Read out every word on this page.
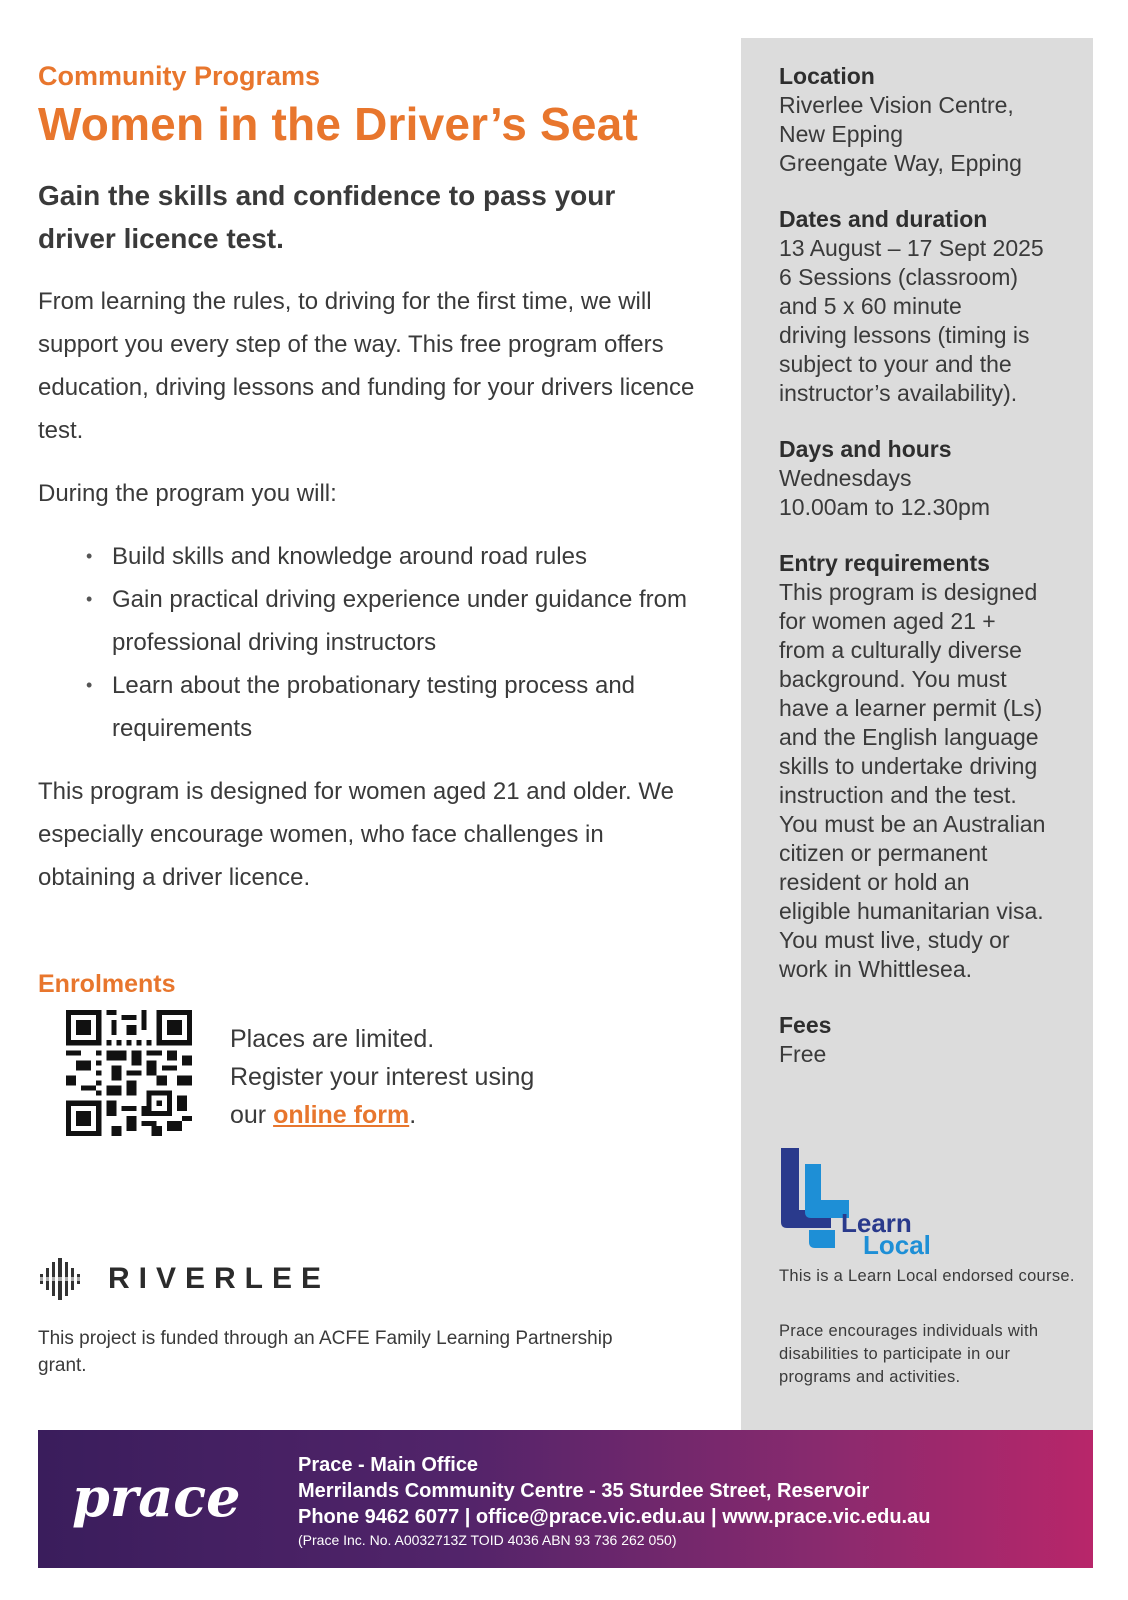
Community Programs
Women in the Driver’s Seat
Gain the skills and confidence to pass your driver licence test.
From learning the rules, to driving for the first time, we will support you every step of the way. This free program offers education, driving lessons and funding for your drivers licence test.
During the program you will:
• Build skills and knowledge around road rules
• Gain practical driving experience under guidance from professional driving instructors
• Learn about the probationary testing process and requirements
This program is designed for women aged 21 and older. We especially encourage women, who face challenges in obtaining a driver licence.
Enrolments
Places are limited.
Register your interest using
our online form.
RIVERLEE
This project is funded through an ACFE Family Learning Partnership grant.
Location
Riverlee Vision Centre,
New Epping
Greengate Way, Epping
Dates and duration
13 August – 17 Sept 2025
6 Sessions (classroom)
and 5 x 60 minute
driving lessons (timing is
subject to your and the
instructor’s availability).
Days and hours
Wednesdays
10.00am to 12.30pm
Entry requirements
This program is designed
for women aged 21 +
from a culturally diverse
background. You must
have a learner permit (Ls)
and the English language
skills to undertake driving
instruction and the test.
You must be an Australian
citizen or permanent
resident or hold an
eligible humanitarian visa.
You must live, study or
work in Whittlesea.
Fees
Free
Learn
Local
This is a Learn Local endorsed course.
Prace encourages individuals with disabilities to participate in our programs and activities.
prace	Prace - Main Office
Merrilands Community Centre - 35 Sturdee Street, Reservoir
Phone 9462 6077 | office@prace.vic.edu.au | www.prace.vic.edu.au
(Prace Inc. No. A0032713Z TOID 4036 ABN 93 736 262 050)
